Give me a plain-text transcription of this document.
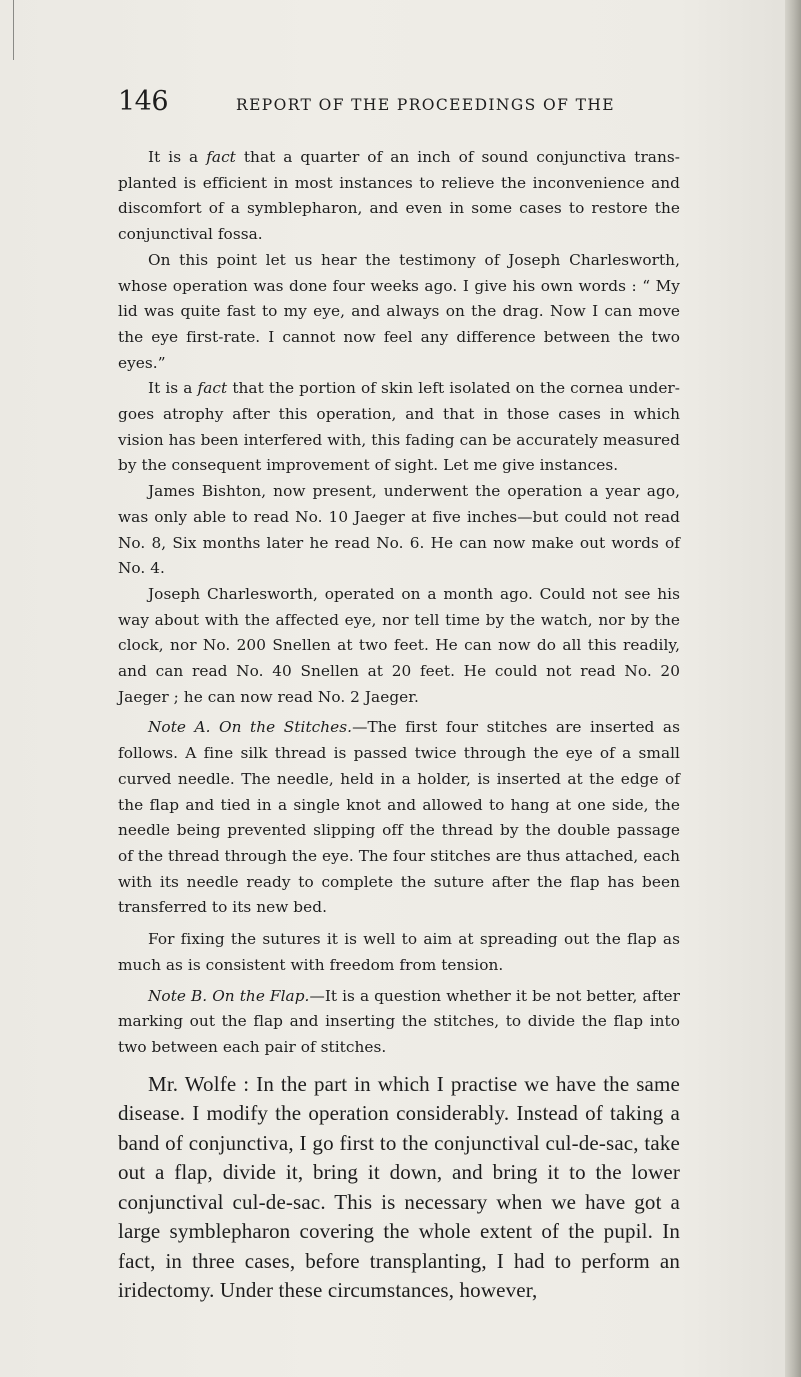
146	REPORT OF THE PROCEEDINGS OF THE

It is a fact that a quarter of an inch of sound conjunctiva trans- planted is efficient in most instances to relieve the inconvenience and discomfort of a symblepharon, and even in some cases to restore the conjunctival fossa.

On this point let us hear the testimony of Joseph Charlesworth, whose operation was done four weeks ago. I give his own words : “ My lid was quite fast to my eye, and always on the drag. Now I can move the eye first-rate. I cannot now feel any difference between the two eyes.”

It is a fact that the portion of skin left isolated on the cornea under- goes atrophy after this operation, and that in those cases in which vision has been interfered with, this fading can be accurately measured by the consequent improvement of sight. Let me give instances.

James Bishton, now present, underwent the operation a year ago, was only able to read No. 10 Jaeger at five inches—but could not read No. 8, Six months later he read No. 6. He can now make out words of No. 4.

Joseph Charlesworth, operated on a month ago. Could not see his way about with the affected eye, nor tell time by the watch, nor by the clock, nor No. 200 Snellen at two feet. He can now do all this readily, and can read No. 40 Snellen at 20 feet. He could not read No. 20 Jaeger ; he can now read No. 2 Jaeger.

Note A. On the Stitches.—The first four stitches are inserted as follows. A fine silk thread is passed twice through the eye of a small curved needle. The needle, held in a holder, is inserted at the edge of the flap and tied in a single knot and allowed to hang at one side, the needle being prevented slipping off the thread by the double passage of the thread through the eye. The four stitches are thus attached, each with its needle ready to complete the suture after the flap has been transferred to its new bed.

For fixing the sutures it is well to aim at spreading out the flap as much as is consistent with freedom from tension.

Note B. On the Flap.—It is a question whether it be not better, after marking out the flap and inserting the stitches, to divide the flap into two between each pair of stitches.

Mr. Wolfe : In the part in which I practise we have the same disease. I modify the operation considerably. Instead of taking a band of conjunctiva, I go first to the conjunctival cul-de-sac, take out a flap, divide it, bring it down, and bring it to the lower conjunctival cul-de-sac. This is necessary when we have got a large symblepharon covering the whole extent of the pupil. In fact, in three cases, before transplanting, I had to perform an iridectomy. Under these circumstances, however,
